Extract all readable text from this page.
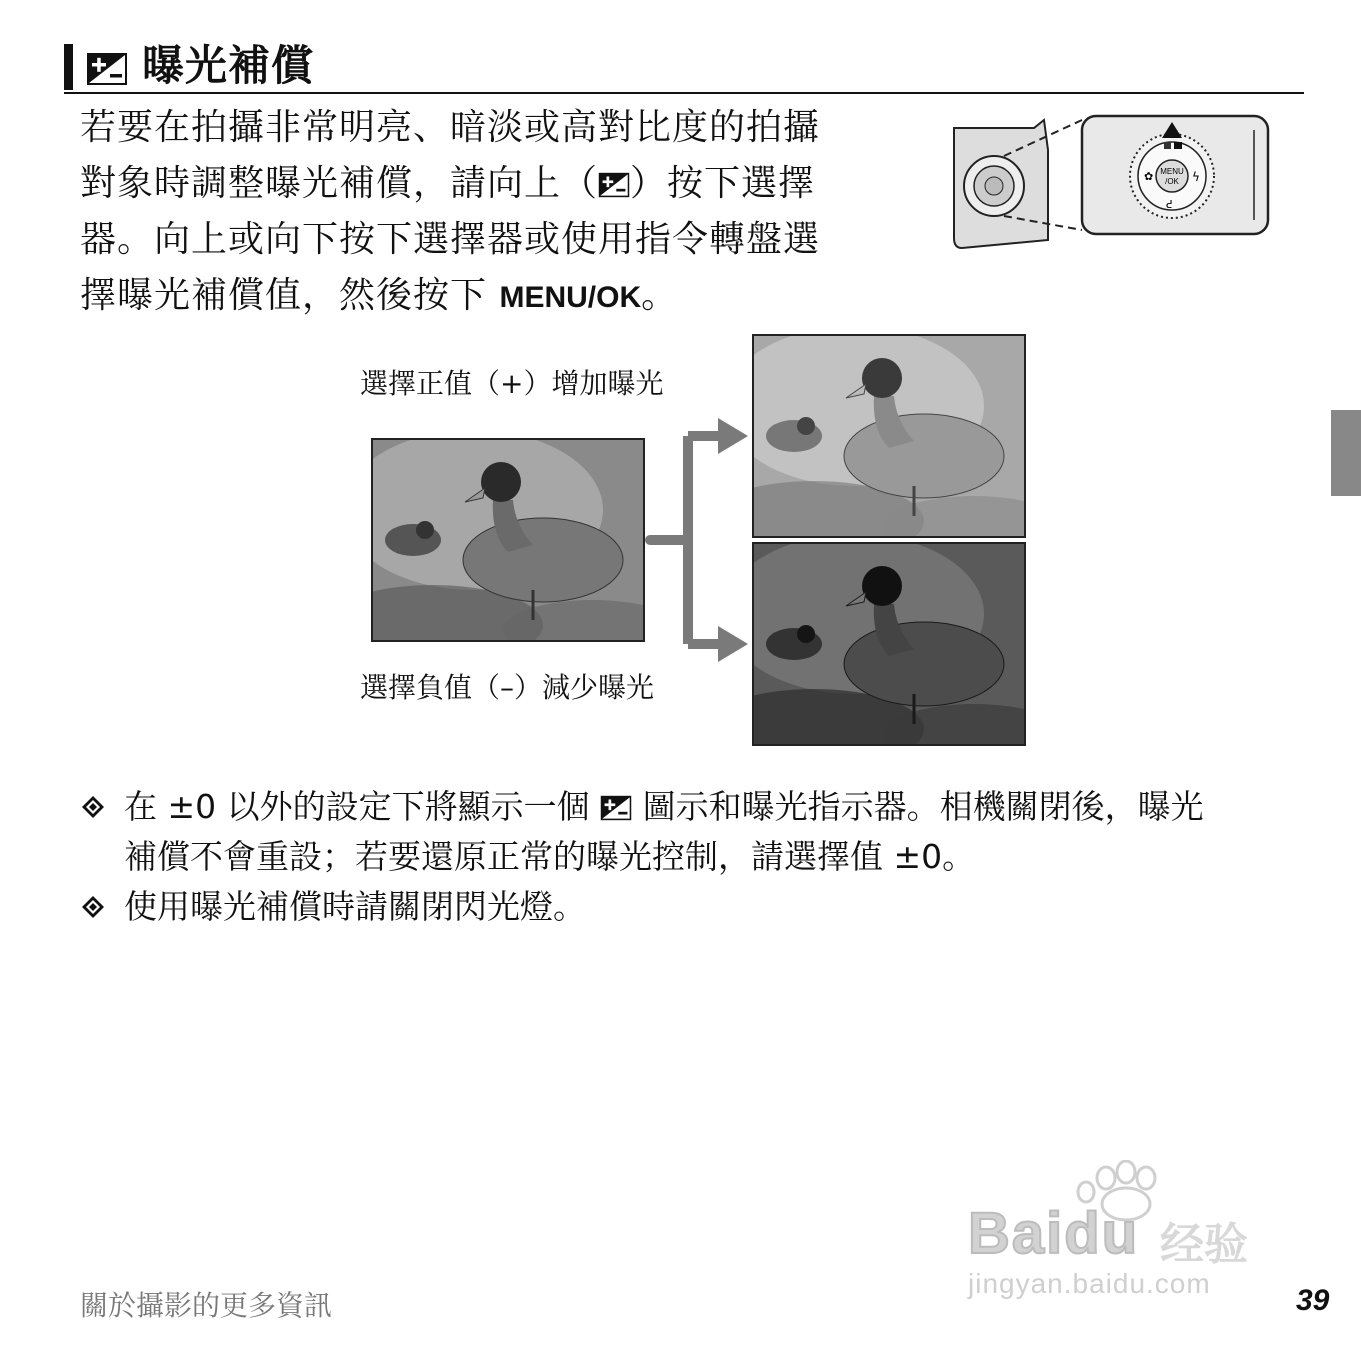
曝光補償
若要在拍攝非常明亮、暗淡或高對比度的拍攝
對象時調整曝光補償，請向上（ ）按下選擇
器。向上或向下按下選擇器或使用指令轉盤選
擇曝光補償值，然後按下 MENU/OK。
MENU
/OK
✿	ϟ
ᕍ
選擇正值（+）增加曝光
選擇負值（–）減少曝光
在 ±0 以外的設定下將顯示一個 圖示和曝光指示器。相機關閉後，曝光
補償不會重設；若要還原正常的曝光控制，請選擇值 ±0。
使用曝光補償時請關閉閃光燈。
Baidu 经验
jingyan.baidu.com
關於攝影的更多資訊	39
